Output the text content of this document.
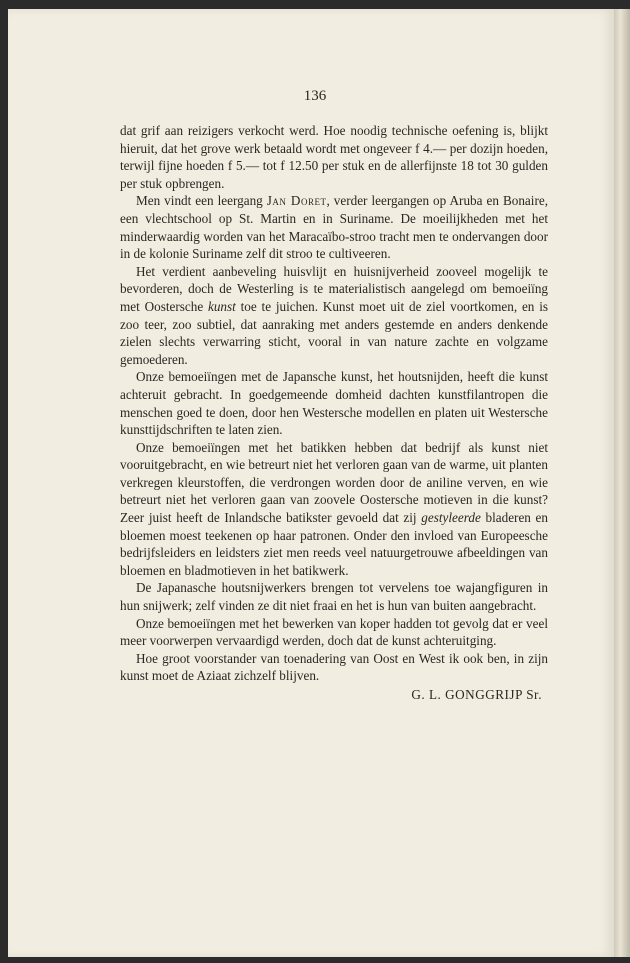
136

dat grif aan reizigers verkocht werd. Hoe noodig technische oefening is, blijkt hieruit, dat het grove werk betaald wordt met ongeveer f 4.— per dozijn hoeden, terwijl fijne hoeden f 5.— tot f 12.50 per stuk en de allerfijnste 18 tot 30 gulden per stuk opbrengen.

Men vindt een leergang Jan Doret, verder leergangen op Aruba en Bonaire, een vlechtschool op St. Martin en in Suriname. De moeilijkheden met het minderwaardig worden van het Maracaïbo-stroo tracht men te ondervangen door in de kolonie Suriname zelf dit stroo te cultiveeren.

Het verdient aanbeveling huisvlijt en huisnijverheid zooveel mogelijk te bevorderen, doch de Westerling is te materialistisch aangelegd om bemoeiïng met Oostersche kunst toe te juichen. Kunst moet uit de ziel voortkomen, en is zoo teer, zoo subtiel, dat aanraking met anders gestemde en anders denkende zielen slechts verwarring sticht, vooral in van nature zachte en volgzame gemoederen.

Onze bemoeiïngen met de Japansche kunst, het houtsnijden, heeft die kunst achteruit gebracht. In goedgemeende domheid dachten kunstfilantropen die menschen goed te doen, door hen Westersche modellen en platen uit Westersche kunsttijdschriften te laten zien.

Onze bemoeiïngen met het batikken hebben dat bedrijf als kunst niet vooruitgebracht, en wie betreurt niet het verloren gaan van de warme, uit planten verkregen kleurstoffen, die verdrongen worden door de aniline verven, en wie betreurt niet het verloren gaan van zoovele Oostersche motieven in die kunst? Zeer juist heeft de Inlandsche batikster gevoeld dat zij gestyleerde bladeren en bloemen moest teekenen op haar patronen. Onder den invloed van Europeesche bedrijfsleiders en leidsters ziet men reeds veel natuurgetrouwe afbeeldingen van bloemen en bladmotieven in het batikwerk.

De Japanasche houtsnijwerkers brengen tot vervelens toe wajangfiguren in hun snijwerk; zelf vinden ze dit niet fraai en het is hun van buiten aangebracht.

Onze bemoeiïngen met het bewerken van koper hadden tot gevolg dat er veel meer voorwerpen vervaardigd werden, doch dat de kunst achteruitging.

Hoe groot voorstander van toenadering van Oost en West ik ook ben, in zijn kunst moet de Aziaat zichzelf blijven.

G. L. GONGGRIJP Sr.
